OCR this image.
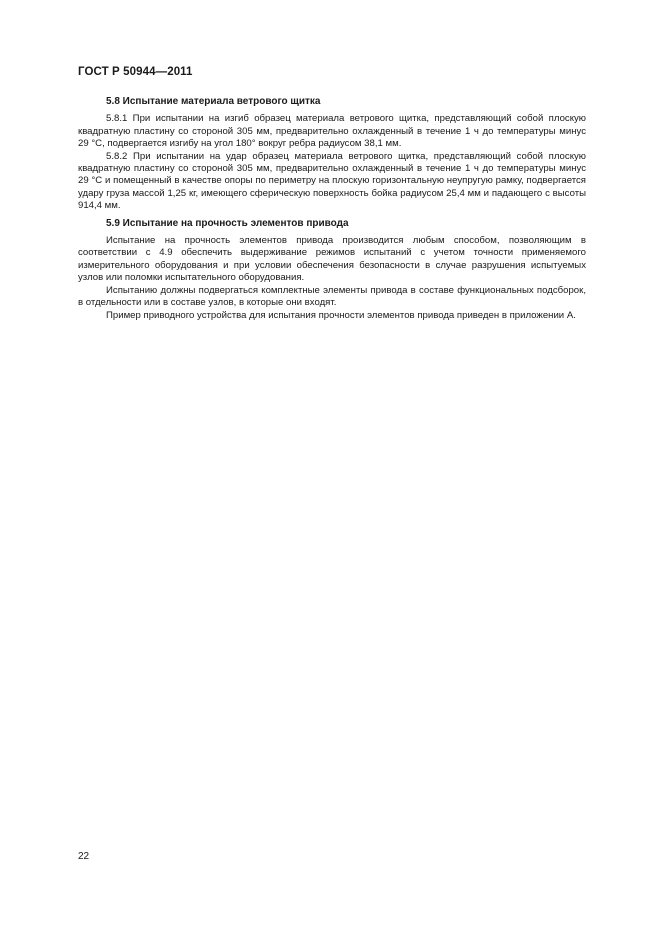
ГОСТ Р 50944—2011

5.8 Испытание материала ветрового щитка

5.8.1 При испытании на изгиб образец материала ветрового щитка, представляющий собой плоскую квадратную пластину со стороной 305 мм, предварительно охлажденный в течение 1 ч до температуры минус 29 °С, подвергается изгибу на угол 180° вокруг ребра радиусом 38,1 мм.

5.8.2 При испытании на удар образец материала ветрового щитка, представляющий собой плоскую квадратную пластину со стороной 305 мм, предварительно охлажденный в течение 1 ч до температуры минус 29 °С и помещенный в качестве опоры по периметру на плоскую горизонтальную неупругую рамку, подвергается удару груза массой 1,25 кг, имеющего сферическую поверхность бойка радиусом 25,4 мм и падающего с высоты 914,4 мм.

5.9 Испытание на прочность элементов привода

Испытание на прочность элементов привода производится любым способом, позволяющим в соответствии с 4.9 обеспечить выдерживание режимов испытаний с учетом точности применяемого измерительного оборудования и при условии обеспечения безопасности в случае разрушения испытуемых узлов или поломки испытательного оборудования.

Испытанию должны подвергаться комплектные элементы привода в составе функциональных подсборок, в отдельности или в составе узлов, в которые они входят.

Пример приводного устройства для испытания прочности элементов привода приведен в приложении А.

22
